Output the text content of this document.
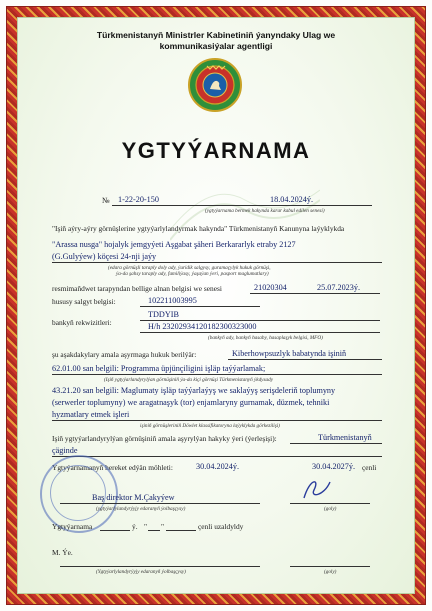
Türkmenistanyň Ministrler Kabinetiniň ýanyndaky Ulag we
kommunikasiýalar agentligi
YGTYÝARNAMA
№ 1-22-20-150	18.04.2024ý.
(ygtyýarnama bermek hakynda karar kabul edilen senesi)
"Işiň aýry-aýry görnüşlerine ygtyýarlylandyrmak hakynda" Türkmenistanyň Kanunyna laýyklykda
"Arassa nusga" hojalyk jemgyýeti Aşgabat şäheri Berkararlyk etraby 2127
(G.Gulyýew) köçesi 24-nji jaýy
(edara görnüşli taraply doly ady, ýuridik salgysy, guramaçylyk hukuk görnüşi,
ýa-da şahsy taraply ady, familiýasy, ýaşaýan ýeri, pasport maglumatlary)
resmimaňdwet tarapyndan bellige alnan belgisi we senesi	21020304	25.07.2023ý.
hususy salgyt belgisi:	102211003995
bankyň rekwizitleri:
TDDYIB
H/h 23202934120182300323000
(bankyň ady, bankyň hasaby, hasaplaşyk belgisi, MFO)
şu aşakdakylary amala aşyrmaga hukuk berilýär:	Kiberhowpsuzlyk babatynda işiniň
62.01.00 san belgili: Programma üpjünçiligini işläp taýýarlamak;
(Işiň ygtyýarlandyrylýan görnüşiniň ýa-da kiçi görnüşi Türkmenistanyň ýkdysady
43.21.20 san belgili: Maglumaty işläp taýýarlaýyş we saklaýyş serişdeleriň toplumyny
(serwerler toplumyny) we aragatnaşyk (tor) enjamlaryny gurnamak, düzmek, tehniki
hyzmatlary etmek işleri
işiniň görnüşleriniň Döwlet klassifikatoryna laýyklykda görkezilişi)
Işiň ygtyýarlandyrylýan görnüşiniň amala aşyrylýan hakyky ýeri (ýerleşişi):	Türkmenistanyň
çäginde
Ygtyýarnamanyň hereket edýän möhleti:	30.04.2024ý.	30.04.2027ý. çenli
Baş direktor M.Çakyýew
(ygtyýarlylandyrýyjy edaranyň ýolbaşçysy)	(goly)
Ygtyýarnama	ý. " "	çenli uzaldyldy
M. Ýe.
(Ygtyýarlylandyrýyjy edaranyň ýolbaşçysy)	(goly)
